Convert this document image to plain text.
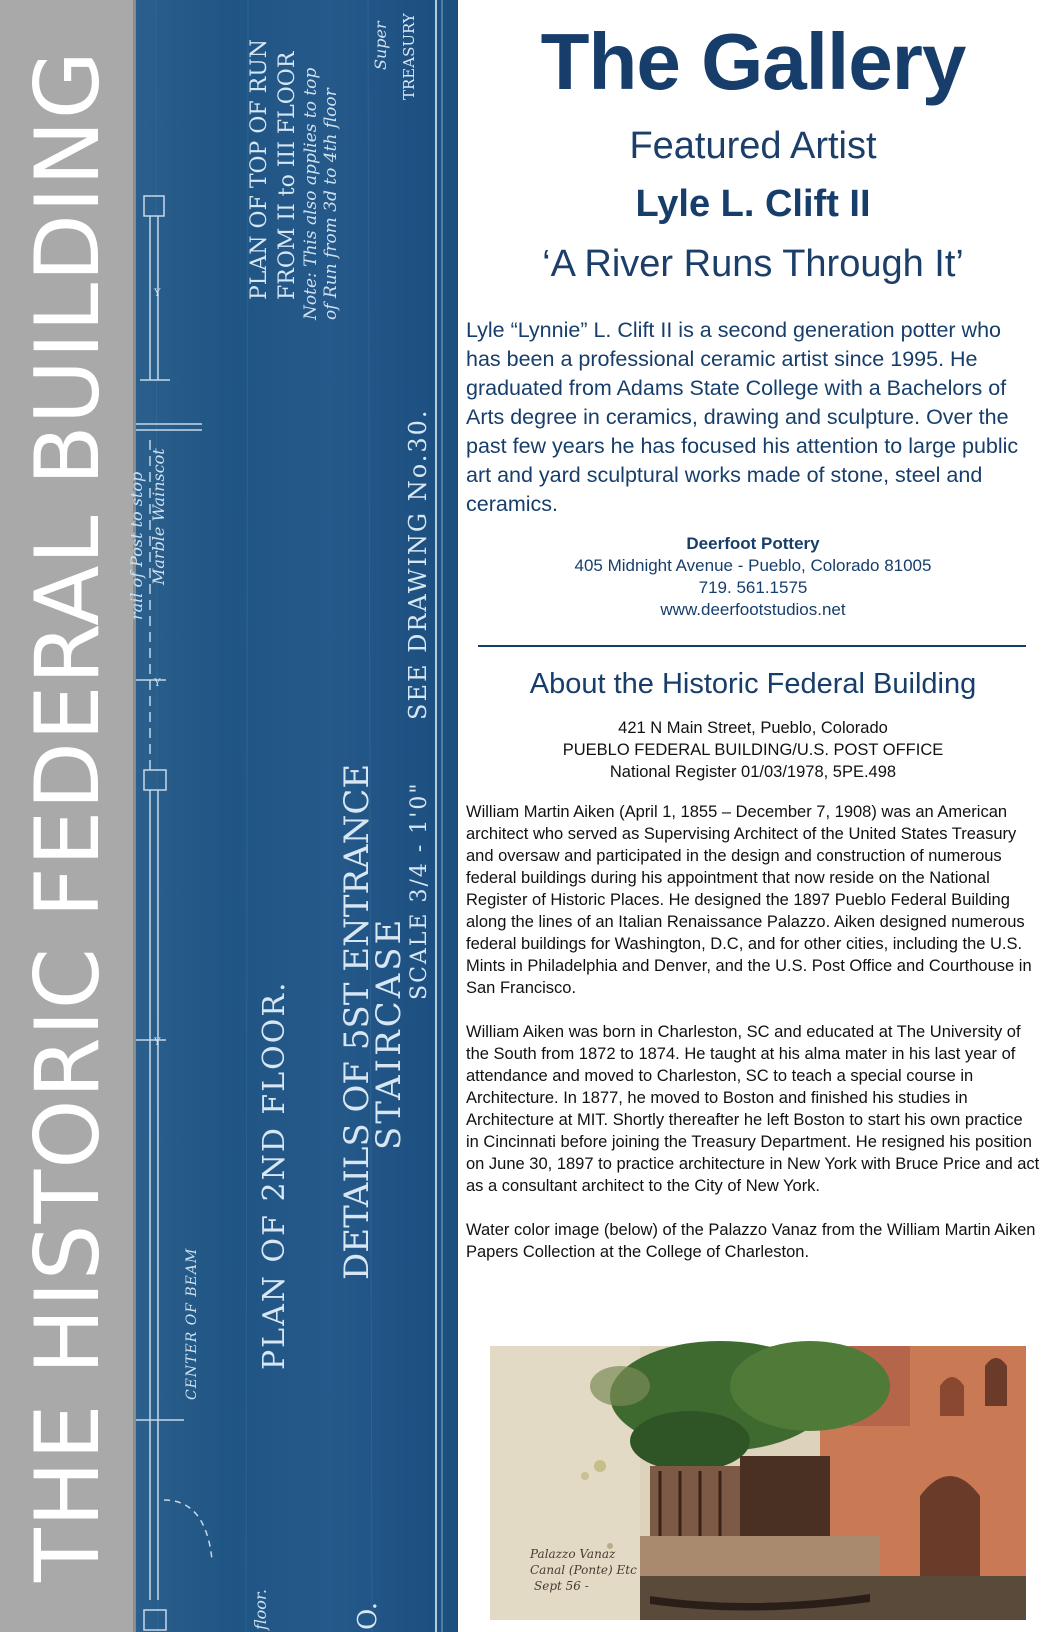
THE HISTORIC FEDERAL BUILDING	Y
Y
Y
PLAN OF TOP OF RUN FROM II to III FLOOR Note: This also applies to top of Run from 3d to 4th floor
Super TREASURY
rail of Post to stop Marble Wainscot	SEE DRAWING No.30.
DETAILS OF 5ST ENTRANCE
STAIRCASE
SCALE 3/4 - 1'0"
PLAN OF 2ND FLOOR.
CENTER OF BEAM
floor.	O.
The Gallery
Featured Artist
Lyle L. Clift II
‘A River Runs Through It’

Lyle “Lynnie” L. Clift II is a second generation potter who has been a professional ceramic artist since 1995. He graduated from Adams State College with a Bachelors of Arts degree in ceramics, drawing and sculpture. Over the past few years he has focused his attention to large public art and yard sculptural works made of stone, steel and ceramics.

Deerfoot Pottery
405 Midnight Avenue - Pueblo, Colorado 81005
719. 561.1575
www.deerfootstudios.net
About the Historic Federal Building
421 N Main Street, Pueblo, Colorado
PUEBLO FEDERAL BUILDING/U.S. POST OFFICE
National Register 01/03/1978, 5PE.498
William Martin Aiken (April 1, 1855 – December 7, 1908) was an American architect who served as Supervising Architect of the United States Treasury and oversaw and participated in the design and construction of numerous federal buildings during his appointment that now reside on the National Register of Historic Places. He designed the 1897 Pueblo Federal Building along the lines of an Italian Renaissance Palazzo. Aiken designed numerous federal buildings for Washington, D.C, and for other cities, including the U.S. Mints in Philadelphia and Denver, and the U.S. Post Office and Courthouse in San Francisco.
William Aiken was born in Charleston, SC and educated at The University of the South from 1872 to 1874. He taught at his alma mater in his last year of attendance and moved to Charleston, SC to teach a special course in Architecture. In 1877, he moved to Boston and finished his studies in Architecture at MIT. Shortly thereafter he left Boston to start his own practice in Cincinnati before joining the Treasury Department. He resigned his position on June 30, 1897 to practice architecture in New York with Bruce Price and act as a consultant architect to the City of New York.
Water color image (below) of the Palazzo Vanaz from the William Martin Aiken Papers Collection at the College of Charleston.
Palazzo Vanaz
Canal (Ponte) Etc
Sept 56 -
